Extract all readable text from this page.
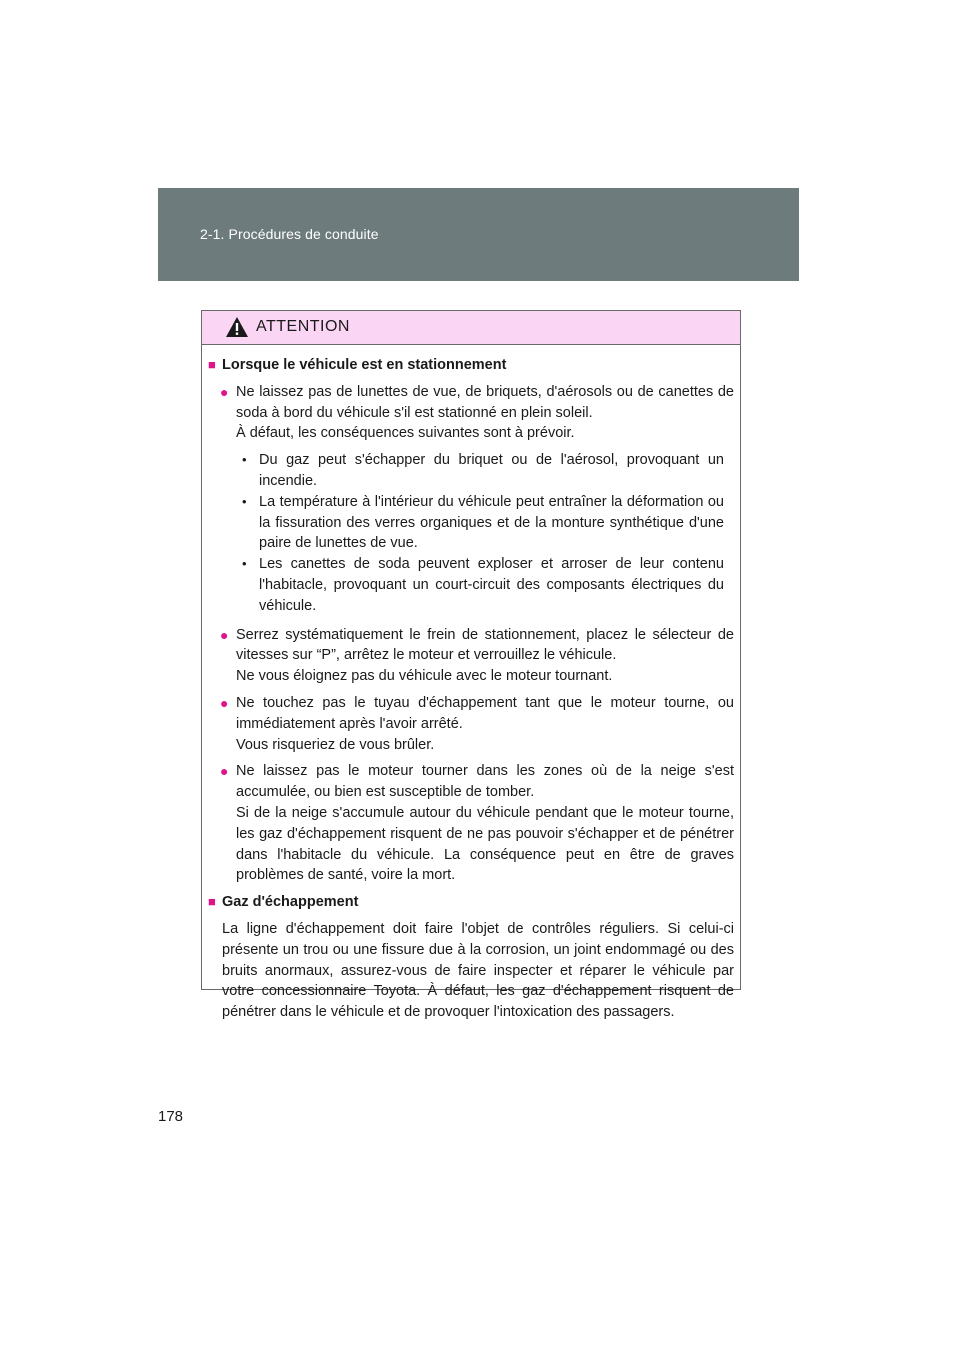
2-1. Procédures de conduite
ATTENTION
■ Lorsque le véhicule est en stationnement
● Ne laissez pas de lunettes de vue, de briquets, d'aérosols ou de canettes de soda à bord du véhicule s'il est stationné en plein soleil.
À défaut, les conséquences suivantes sont à prévoir.
• Du gaz peut s'échapper du briquet ou de l'aérosol, provoquant un incendie.
• La température à l'intérieur du véhicule peut entraîner la déformation ou la fissuration des verres organiques et de la monture synthétique d'une paire de lunettes de vue.
• Les canettes de soda peuvent exploser et arroser de leur contenu l'habitacle, provoquant un court-circuit des composants électriques du véhicule.
● Serrez systématiquement le frein de stationnement, placez le sélecteur de vitesses sur “P”, arrêtez le moteur et verrouillez le véhicule.
Ne vous éloignez pas du véhicule avec le moteur tournant.
● Ne touchez pas le tuyau d'échappement tant que le moteur tourne, ou immédiatement après l'avoir arrêté.
Vous risqueriez de vous brûler.
● Ne laissez pas le moteur tourner dans les zones où de la neige s'est accumulée, ou bien est susceptible de tomber.
Si de la neige s'accumule autour du véhicule pendant que le moteur tourne, les gaz d'échappement risquent de ne pas pouvoir s'échapper et de pénétrer dans l'habitacle du véhicule. La conséquence peut en être de graves problèmes de santé, voire la mort.
■ Gaz d'échappement

La ligne d'échappement doit faire l'objet de contrôles réguliers. Si celui-ci présente un trou ou une fissure due à la corrosion, un joint endommagé ou des bruits anormaux, assurez-vous de faire inspecter et réparer le véhicule par votre concessionnaire Toyota. À défaut, les gaz d'échappement risquent de pénétrer dans le véhicule et de provoquer l'intoxication des passagers.

178
